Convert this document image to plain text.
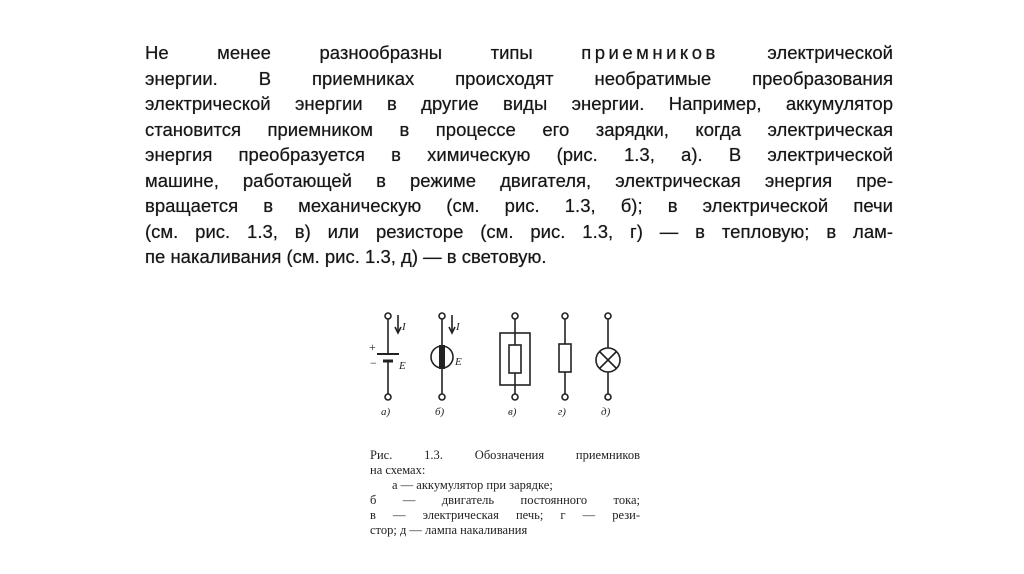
Не менее разнообразны типы приемников электрической
энергии. В приемниках происходят необратимые преобразования
электрической энергии в другие виды энергии. Например, аккумулятор
становится приемником в процессе его зарядки, когда электрическая
энергия преобразуется в химическую (рис. 1.3, а). В электрической
машине, работающей в режиме двигателя, электрическая энергия пре-
вращается в механическую (см. рис. 1.3, б); в электрической печи
(см. рис. 1.3, в) или резисторе (см. рис. 1.3, г) — в тепловую; в лам-
пе накаливания (см. рис. 1.3, д) — в световую.
I	I
E	E
+
−
а)	б)	в)	г)	д)
Рис. 1.3. Обозначения приемников
на схемах:
а — аккумулятор при зарядке;
б — двигатель постоянного тока;
в — электрическая печь; г — рези-
стор; д — лампа накаливания
